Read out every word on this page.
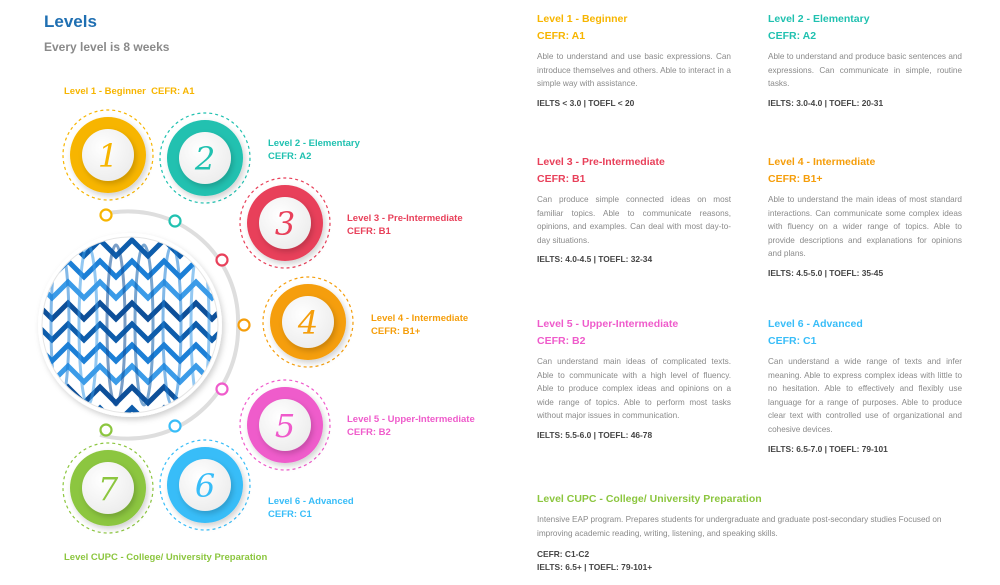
Levels
Every level is 8 weeks
1 2
3
4
5
6
7
Level 1 - Beginner CEFR: A1
Level 2 - Elementary
CEFR: A2
Level 3 - Pre-Intermediate
CEFR: B1
Level 4 - Intermediate
CEFR: B1+
Level 5 - Upper-Intermediate
CEFR: B2
Level 6 - Advanced
CEFR: C1
Level CUPC - College/ University Preparation
Level 1 - Beginner
CEFR: A1

Able to understand and use basic expressions. Can introduce themselves and others. Able to interact in a simple way with assistance.

IELTS < 3.0 | TOEFL < 20
Level 2 - Elementary
CEFR: A2

Able to understand and produce basic sentences and expressions. Can communicate in simple, routine tasks.

IELTS: 3.0-4.0 | TOEFL: 20-31
Level 3 - Pre-Intermediate
CEFR: B1

Can produce simple connected ideas on most familiar topics. Able to communicate reasons, opinions, and examples. Can deal with most day-to-day situations.

IELTS: 4.0-4.5 | TOEFL: 32-34
Level 4 - Intermediate
CEFR: B1+

Able to understand the main ideas of most standard interactions. Can communicate some complex ideas with fluency on a wider range of topics. Able to provide descriptions and explanations for opinions and plans.

IELTS: 4.5-5.0 | TOEFL: 35-45
Level 5 - Upper-Intermediate
CEFR: B2

Can understand main ideas of complicated texts. Able to communicate with a high level of fluency. Able to produce complex ideas and opinions on a wide range of topics. Able to perform most tasks without major issues in communication.

IELTS: 5.5-6.0 | TOEFL: 46-78
Level 6 - Advanced
CEFR: C1

Can understand a wide range of texts and infer meaning. Able to express complex ideas with little to no hesitation. Able to effectively and flexibly use language for a range of purposes. Able to produce clear text with controlled use of organizational and cohesive devices.

IELTS: 6.5-7.0 | TOEFL: 79-101
Level CUPC - College/ University Preparation

Intensive EAP program. Prepares students for undergraduate and graduate post-secondary studies Focused on improving academic reading, writing, listening, and speaking skills.

CEFR: C1-C2
IELTS: 6.5+ | TOEFL: 79-101+
